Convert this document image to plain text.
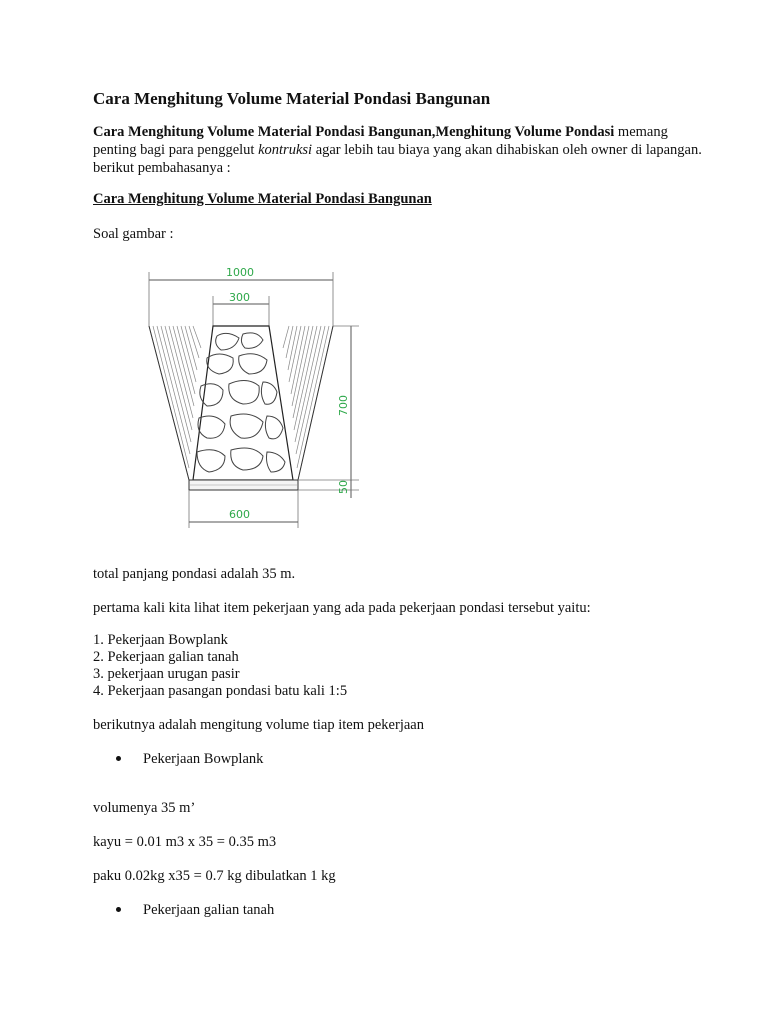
Cara Menghitung Volume Material Pondasi Bangunan
Cara Menghitung Volume Material Pondasi Bangunan,Menghitung Volume Pondasi memang penting bagi para penggelut kontruksi agar lebih tau biaya yang akan dihabiskan oleh owner di lapangan. berikut pembahasanya :
Cara Menghitung Volume Material Pondasi Bangunan
Soal gambar :
1000
300
700
50
600
total panjang pondasi adalah 35 m.
pertama kali kita lihat item pekerjaan yang ada pada pekerjaan pondasi tersebut yaitu:
1. Pekerjaan Bowplank
2. Pekerjaan galian tanah
3. pekerjaan urugan pasir
4. Pekerjaan pasangan pondasi batu kali 1:5
berikutnya adalah mengitung volume tiap item pekerjaan
Pekerjaan Bowplank
volumenya 35 m’
kayu = 0.01 m3 x 35 = 0.35 m3
paku 0.02kg x35 = 0.7 kg dibulatkan 1 kg
Pekerjaan galian tanah
